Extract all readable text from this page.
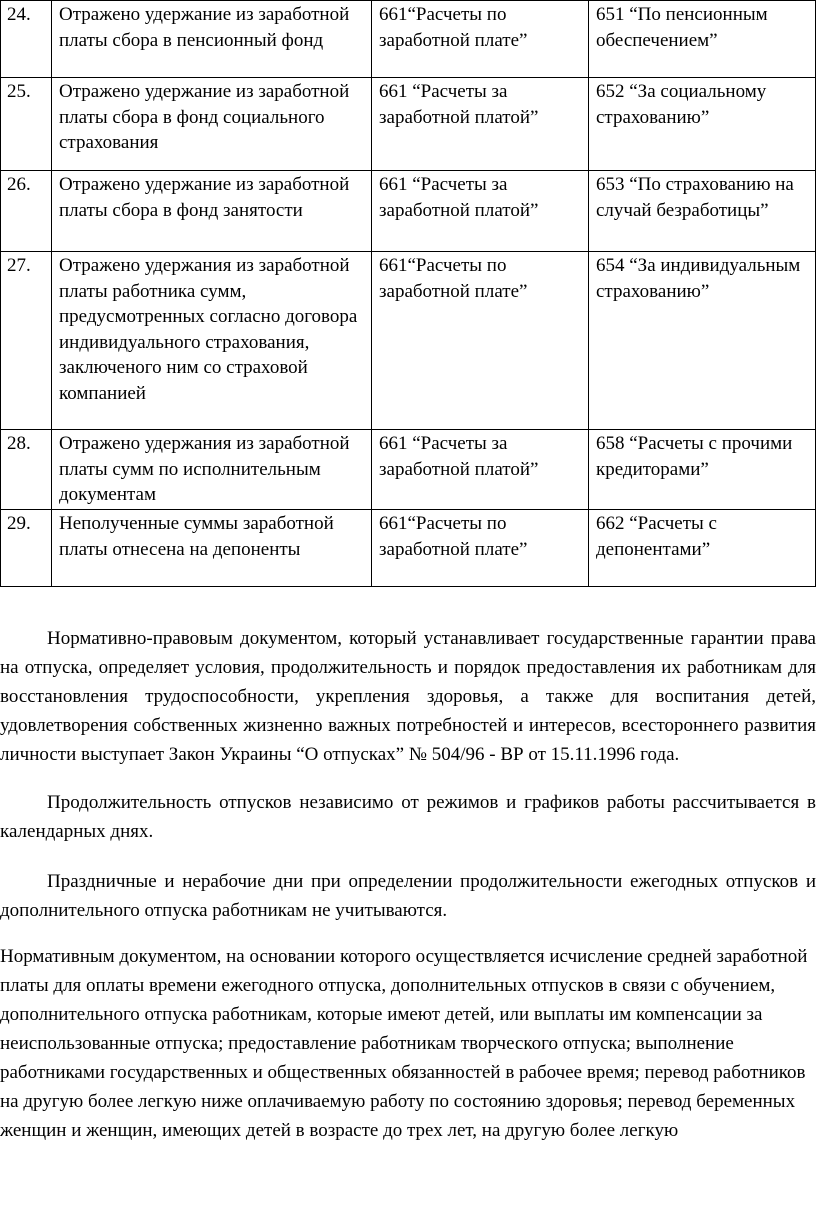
24.	Отражено удержание из заработной платы сбора в пенсионный фонд	661“Расчеты по заработной плате”	651 “По пенсионным обеспечением”
25.	Отражено удержание из заработной платы сбора в фонд социального страхования	661 “Расчеты за заработной платой”	652 “За социальному страхованию”
26.	Отражено удержание из заработной платы сбора в фонд занятости	661 “Расчеты за заработной платой”	653 “По страхованию на случай безработицы”
27.	Отражено удержания из заработной платы работника сумм, предусмотренных согласно договора индивидуального страхования, заключеного ним со страховой компанией	661“Расчеты по заработной плате”	654 “За индивидуальным страхованию”
28.	Отражено удержания из заработной платы сумм по исполнительным документам	661 “Расчеты за заработной платой”	658 “Расчеты с прочими кредиторами”
29.	Неполученные суммы заработной платы отнесена на депоненты	661“Расчеты по заработной плате”	662 “Расчеты с депонентами”

Нормативно-правовым документом, который устанавливает государственные гарантии права на отпуска, определяет условия, продолжительность и порядок предоставления их работникам для восстановления трудоспособности, укрепления здоровья, а также для воспитания детей, удовлетворения собственных жизненно важных потребностей и интересов, всестороннего развития личности выступает Закон Украины “О отпусках” № 504/96 - ВР от 15.11.1996 года.

Продолжительность отпусков независимо от режимов и графиков работы рассчитывается в календарных днях.

Праздничные и нерабочие дни при определении продолжительности ежегодных отпусков и дополнительного отпуска работникам не учитываются.

Нормативным документом, на основании которого осуществляется исчисление средней заработной платы для оплаты времени ежегодного отпуска, дополнительных отпусков в связи с обучением, дополнительного отпуска работникам, которые имеют детей, или выплаты им компенсации за неиспользованные отпуска; предоставление работникам творческого отпуска; выполнение работниками государственных и общественных обязанностей в рабочее время; перевод работников на другую более легкую ниже оплачиваемую работу по состоянию здоровья; перевод беременных женщин и женщин, имеющих детей в возрасте до трех лет, на другую более легкую
